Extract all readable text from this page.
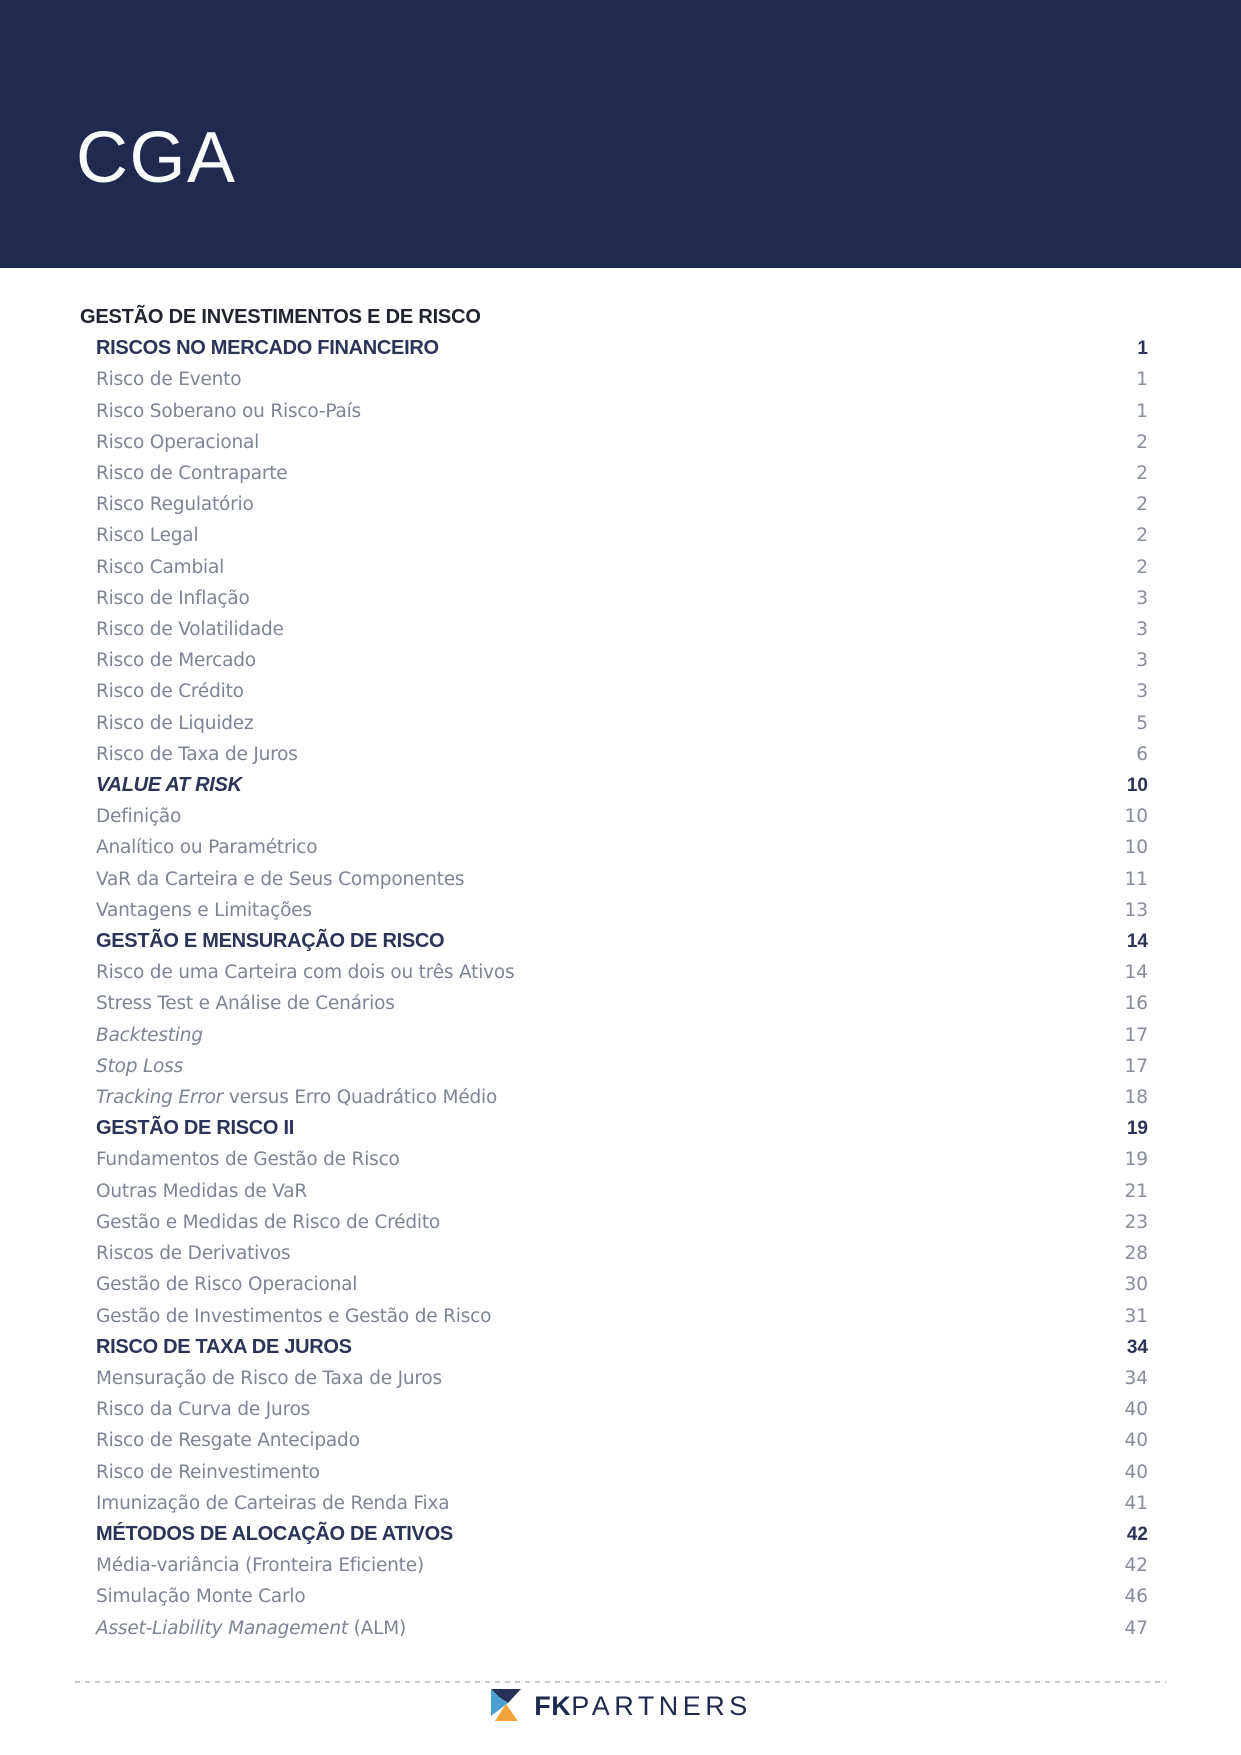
CGA
GESTÃO DE INVESTIMENTOS E DE RISCO
RISCOS NO MERCADO FINANCEIRO	1
Risco de Evento	1
Risco Soberano ou Risco-País	1
Risco Operacional	2
Risco de Contraparte	2
Risco Regulatório	2
Risco Legal	2
Risco Cambial	2
Risco de Inflação	3
Risco de Volatilidade	3
Risco de Mercado	3
Risco de Crédito	3
Risco de Liquidez	5
Risco de Taxa de Juros	6
VALUE AT RISK	10
Definição	10
Analítico ou Paramétrico	10
VaR da Carteira e de Seus Componentes	11
Vantagens e Limitações	13
GESTÃO E MENSURAÇÃO DE RISCO	14
Risco de uma Carteira com dois ou três Ativos	14
Stress Test e Análise de Cenários	16
Backtesting	17
Stop Loss	17
Tracking Error versus Erro Quadrático Médio	18
GESTÃO DE RISCO II	19
Fundamentos de Gestão de Risco	19
Outras Medidas de VaR	21
Gestão e Medidas de Risco de Crédito	23
Riscos de Derivativos	28
Gestão de Risco Operacional	30
Gestão de Investimentos e Gestão de Risco	31
RISCO DE TAXA DE JUROS	34
Mensuração de Risco de Taxa de Juros	34
Risco da Curva de Juros	40
Risco de Resgate Antecipado	40
Risco de Reinvestimento	40
Imunização de Carteiras de Renda Fixa	41
MÉTODOS DE ALOCAÇÃO DE ATIVOS	42
Média-variância (Fronteira Eficiente)	42
Simulação Monte Carlo	46
Asset-Liability Management (ALM)	47
FKPARTNERS
